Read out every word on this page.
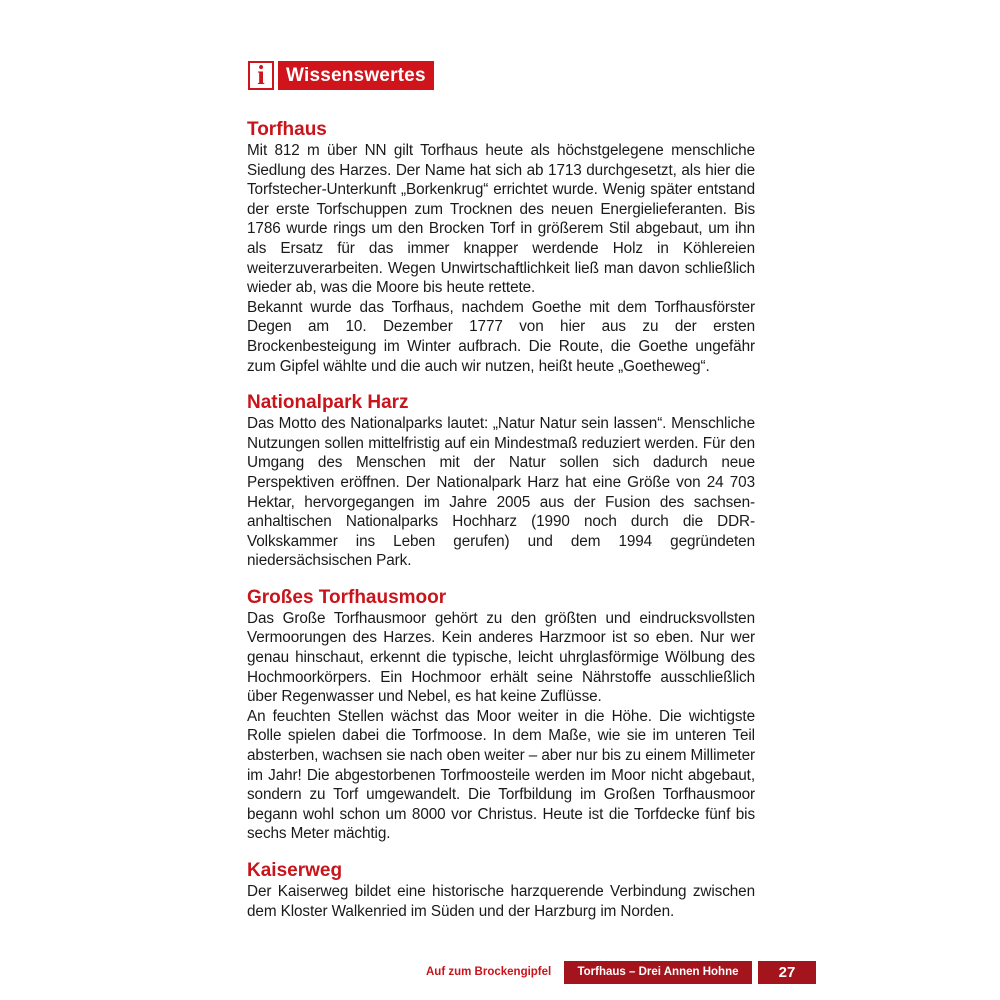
i	Wissenswertes
Torfhaus

Mit 812 m über NN gilt Torfhaus heute als höchstgelegene menschliche Siedlung des Harzes. Der Name hat sich ab 1713 durchgesetzt, als hier die Torfstecher-Unterkunft „Borkenkrug“ errichtet wurde. Wenig später entstand der erste Torfschuppen zum Trocknen des neuen Energielieferanten. Bis 1786 wurde rings um den Brocken Torf in größerem Stil abgebaut, um ihn als Ersatz für das immer knapper werdende Holz in Köhlereien weiterzuverarbeiten. Wegen Unwirtschaftlichkeit ließ man davon schließlich wieder ab, was die Moore bis heute rettete.

Bekannt wurde das Torfhaus, nachdem Goethe mit dem Torfhausförster Degen am 10. Dezember 1777 von hier aus zu der ersten Brockenbesteigung im Winter aufbrach. Die Route, die Goethe ungefähr zum Gipfel wählte und die auch wir nutzen, heißt heute „Goetheweg“.

Nationalpark Harz

Das Motto des Nationalparks lautet: „Natur Natur sein lassen“. Menschliche Nutzungen sollen mittelfristig auf ein Mindestmaß reduziert werden. Für den Umgang des Menschen mit der Natur sollen sich dadurch neue Perspektiven eröffnen. Der Nationalpark Harz hat eine Größe von 24 703 Hektar, hervorgegangen im Jahre 2005 aus der Fusion des sachsen-anhaltischen Nationalparks Hochharz (1990 noch durch die DDR-Volkskammer ins Leben gerufen) und dem 1994 gegründeten niedersächsischen Park.

Großes Torfhausmoor

Das Große Torfhausmoor gehört zu den größten und eindrucksvollsten Vermoorungen des Harzes. Kein anderes Harzmoor ist so eben. Nur wer genau hinschaut, erkennt die typische, leicht uhrglasförmige Wölbung des Hochmoorkörpers. Ein Hochmoor erhält seine Nährstoffe ausschließlich über Regenwasser und Nebel, es hat keine Zuflüsse.

An feuchten Stellen wächst das Moor weiter in die Höhe. Die wichtigste Rolle spielen dabei die Torfmoose. In dem Maße, wie sie im unteren Teil absterben, wachsen sie nach oben weiter – aber nur bis zu einem Millimeter im Jahr! Die abgestorbenen Torfmoosteile werden im Moor nicht abgebaut, sondern zu Torf umgewandelt. Die Torfbildung im Großen Torfhausmoor begann wohl schon um 8000 vor Christus. Heute ist die Torfdecke fünf bis sechs Meter mächtig.

Kaiserweg

Der Kaiserweg bildet eine historische harzquerende Verbindung zwischen dem Kloster Walkenried im Süden und der Harzburg im Norden.

Auf zum Brockengipfel	Torfhaus – Drei Annen Hohne	27
